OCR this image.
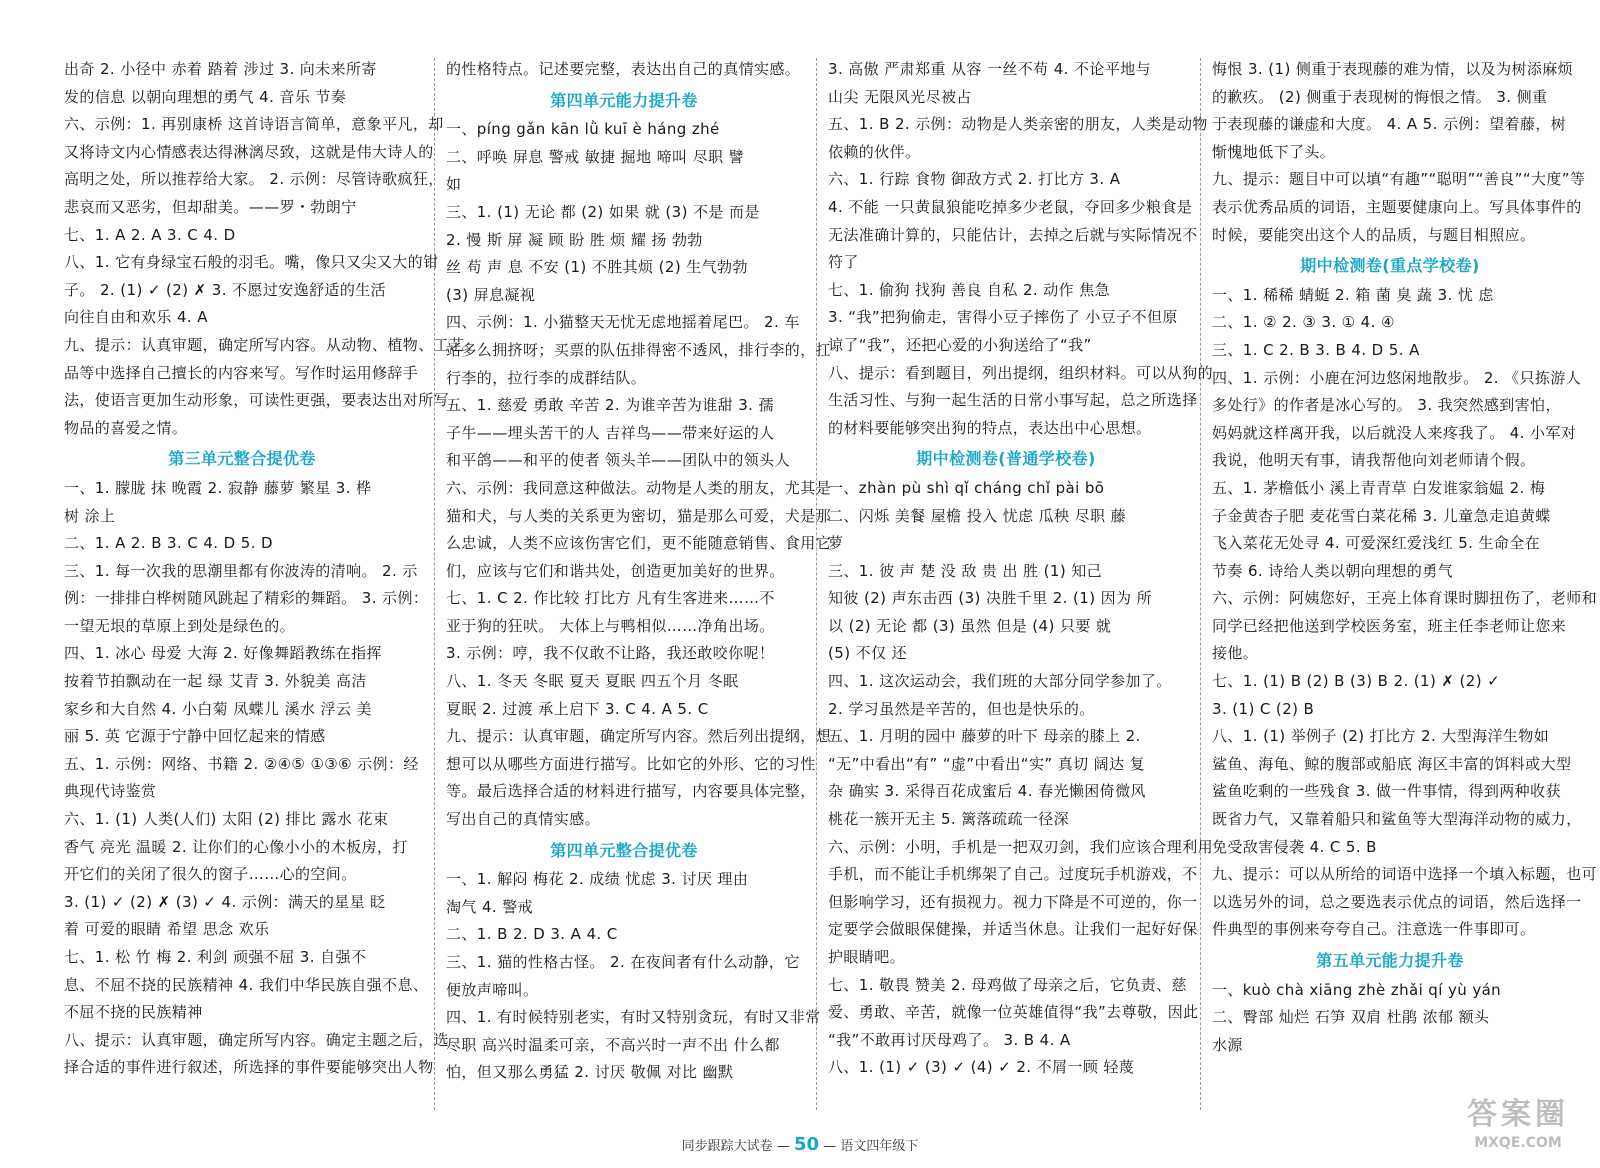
出奇 2. 小径中 赤着 踏着 涉过 3. 向未来所寄
发的信息 以朝向理想的勇气 4. 音乐 节奏
六、示例：1. 再别康桥 这首诗语言简单，意象平凡，却
又将诗文内心情感表达得淋漓尽致，这就是伟大诗人的
高明之处，所以推荐给大家。 2. 示例：尽管诗歌疯狂，
悲哀而又恶劣，但却甜美。——罗・勃朗宁
七、1. A 2. A 3. C 4. D
八、1. 它有身绿宝石般的羽毛。嘴，像只又尖又大的钳
子。 2. (1) ✓ (2) ✗ 3. 不愿过安逸舒适的生活
向往自由和欢乐 4. A
九、提示：认真审题，确定所写内容。从动物、植物、工艺
品等中选择自己擅长的内容来写。写作时运用修辞手
法，使语言更加生动形象，可读性更强，要表达出对所写
物品的喜爱之情。
第三单元整合提优卷
一、1. 朦胧 抹 晚霞 2. 寂静 藤萝 繁星 3. 桦
树 涂上
二、1. A 2. B 3. C 4. D 5. D
三、1. 每一次我的思潮里都有你波涛的清响。 2. 示
例：一排排白桦树随风跳起了精彩的舞蹈。 3. 示例：
一望无垠的草原上到处是绿色的。
四、1. 冰心 母爱 大海 2. 好像舞蹈教练在指挥
按着节拍飘动在一起 绿 艾青 3. 外貌美 高洁
家乡和大自然 4. 小白菊 凤蝶儿 溪水 浮云 美
丽 5. 英 它源于宁静中回忆起来的情感
五、1. 示例：网络、书籍 2. ②④⑤ ①③⑥ 示例：经
典现代诗鉴赏
六、1. (1) 人类(人们) 太阳 (2) 排比 露水 花束
香气 亮光 温暖 2. 让你们的心像小小的木板房，打
开它们的关闭了很久的窗子……心的空间。
3. (1) ✓ (2) ✗ (3) ✓ 4. 示例：满天的星星 眨
着 可爱的眼睛 希望 思念 欢乐
七、1. 松 竹 梅 2. 利剑 顽强不屈 3. 自强不
息、不屈不挠的民族精神 4. 我们中华民族自强不息、
不屈不挠的民族精神
八、提示：认真审题，确定所写内容。确定主题之后，选
择合适的事件进行叙述，所选择的事件要能够突出人物
的性格特点。记述要完整，表达出自己的真情实感。
第四单元能力提升卷
一、píng gǎn kān lǜ kuī è háng zhé
二、呼唤 屏息 警戒 敏捷 掘地 啼叫 尽职 譬
如
三、1. (1) 无论 都 (2) 如果 就 (3) 不是 而是
2. 慢 斯 屏 凝 顾 盼 胜 烦 耀 扬 勃勃
丝 苟 声 息 不安 (1) 不胜其烦 (2) 生气勃勃
(3) 屏息凝视
四、示例：1. 小猫整天无忧无虑地摇着尾巴。 2. 车
站多么拥挤呀；买票的队伍排得密不透风，排行李的，扛
行李的，拉行李的成群结队。
五、1. 慈爱 勇敢 辛苦 2. 为谁辛苦为谁甜 3. 孺
子牛——埋头苦干的人 吉祥鸟——带来好运的人
和平鸽——和平的使者 领头羊——团队中的领头人
六、示例：我同意这种做法。动物是人类的朋友，尤其是
猫和犬，与人类的关系更为密切，猫是那么可爱，犬是那
么忠诚，人类不应该伤害它们，更不能随意销售、食用它
们，应该与它们和谐共处，创造更加美好的世界。
七、1. C 2. 作比较 打比方 凡有生客进来……不
亚于狗的狂吠。 大体上与鸭相似……净角出场。
3. 示例：哼，我不仅敢不让路，我还敢咬你呢！
八、1. 冬天 冬眠 夏天 夏眠 四五个月 冬眠
夏眠 2. 过渡 承上启下 3. C 4. A 5. C
九、提示：认真审题，确定所写内容。然后列出提纲，想
想可以从哪些方面进行描写。比如它的外形、它的习性
等。最后选择合适的材料进行描写，内容要具体完整，
写出自己的真情实感。
第四单元整合提优卷
一、1. 解闷 梅花 2. 成绩 忧虑 3. 讨厌 理由
淘气 4. 警戒
二、1. B 2. D 3. A 4. C
三、1. 猫的性格古怪。 2. 在夜间者有什么动静，它
便放声啼叫。
四、1. 有时候特别老实，有时又特别贪玩，有时又非常
尽职 高兴时温柔可亲，不高兴时一声不出 什么都
怕，但又那么勇猛 2. 讨厌 敬佩 对比 幽默
3. 高傲 严肃郑重 从容 一丝不苟 4. 不论平地与
山尖 无限风光尽被占
五、1. B 2. 示例：动物是人类亲密的朋友，人类是动物
依赖的伙伴。
六、1. 行踪 食物 御敌方式 2. 打比方 3. A
4. 不能 一只黄鼠狼能吃掉多少老鼠，夺回多少粮食是
无法准确计算的，只能估计，去掉之后就与实际情况不
符了
七、1. 偷狗 找狗 善良 自私 2. 动作 焦急
3. “我”把狗偷走，害得小豆子摔伤了 小豆子不但原
谅了“我”，还把心爱的小狗送给了“我”
八、提示：看到题目，列出提纲，组织材料。可以从狗的
生活习性、与狗一起生活的日常小事写起，总之所选择
的材料要能够突出狗的特点，表达出中心思想。
期中检测卷(普通学校卷)
一、zhàn pù shì qǐ cháng chǐ pài bō
二、闪烁 美餐 屋檐 投入 忧虑 瓜秧 尽职 藤
萝
三、1. 彼 声 楚 没 敌 贵 出 胜 (1) 知己
知彼 (2) 声东击西 (3) 决胜千里 2. (1) 因为 所
以 (2) 无论 都 (3) 虽然 但是 (4) 只要 就
(5) 不仅 还
四、1. 这次运动会，我们班的大部分同学参加了。
2. 学习虽然是辛苦的，但也是快乐的。
五、1. 月明的园中 藤萝的叶下 母亲的膝上 2.
“无”中看出“有” “虚”中看出“实” 真切 阔达 复
杂 确实 3. 采得百花成蜜后 4. 春光懒困倚微风
桃花一簇开无主 5. 篱落疏疏一径深
六、示例：小明，手机是一把双刃剑，我们应该合理利用
手机，而不能让手机绑架了自己。过度玩手机游戏，不
但影响学习，还有损视力。视力下降是不可逆的，你一
定要学会做眼保健操，并适当休息。让我们一起好好保
护眼睛吧。
七、1. 敬畏 赞美 2. 母鸡做了母亲之后，它负责、慈
爱、勇敢、辛苦，就像一位英雄值得“我”去尊敬，因此
“我”不敢再讨厌母鸡了。 3. B 4. A
八、1. (1) ✓ (3) ✓ (4) ✓ 2. 不屑一顾 轻蔑
悔恨 3. (1) 侧重于表现藤的难为情，以及为树添麻烦
的歉疚。 (2) 侧重于表现树的悔恨之情。 3. 侧重
于表现藤的谦虚和大度。 4. A 5. 示例：望着藤，树
惭愧地低下了头。
九、提示：题目中可以填“有趣”“聪明”“善良”“大度”等
表示优秀品质的词语，主题要健康向上。写具体事件的
时候，要能突出这个人的品质，与题目相照应。
期中检测卷(重点学校卷)
一、1. 稀稀 蜻蜓 2. 箱 菌 臭 蔬 3. 忧 虑
二、1. ② 2. ③ 3. ① 4. ④
三、1. C 2. B 3. B 4. D 5. A
四、1. 示例：小鹿在河边悠闲地散步。 2. 《只拣游人
多处行》的作者是冰心写的。 3. 我突然感到害怕，
妈妈就这样离开我，以后就没人来疼我了。 4. 小军对
我说，他明天有事，请我帮他向刘老师请个假。
五、1. 茅檐低小 溪上青青草 白发谁家翁媪 2. 梅
子金黄杏子肥 麦花雪白菜花稀 3. 儿童急走追黄蝶
飞入菜花无处寻 4. 可爱深红爱浅红 5. 生命全在
节奏 6. 诗给人类以朝向理想的勇气
六、示例：阿姨您好，王亮上体育课时脚扭伤了，老师和
同学已经把他送到学校医务室，班主任李老师让您来
接他。
七、1. (1) B (2) B (3) B 2. (1) ✗ (2) ✓
3. (1) C (2) B
八、1. (1) 举例子 (2) 打比方 2. 大型海洋生物如
鲨鱼、海龟、鲸的腹部或船底 海区丰富的饵料或大型
鲨鱼吃剩的一些残食 3. 做一件事情，得到两种收获
既省力气，又靠着船只和鲨鱼等大型海洋动物的威力，
免受敌害侵袭 4. C 5. B
九、提示：可以从所给的词语中选择一个填入标题，也可
以选另外的词，总之要选表示优点的词语，然后选择一
件典型的事例来夸夸自己。注意选一件事即可。
第五单元能力提升卷
一、kuò chà xiāng zhè zhǎi qí yù yán
二、臀部 灿烂 石笋 双肩 杜鹃 浓郁 额头
水源
同步跟踪大试卷 — 50 — 语文四年级下
答案圈
MXQE.COM
